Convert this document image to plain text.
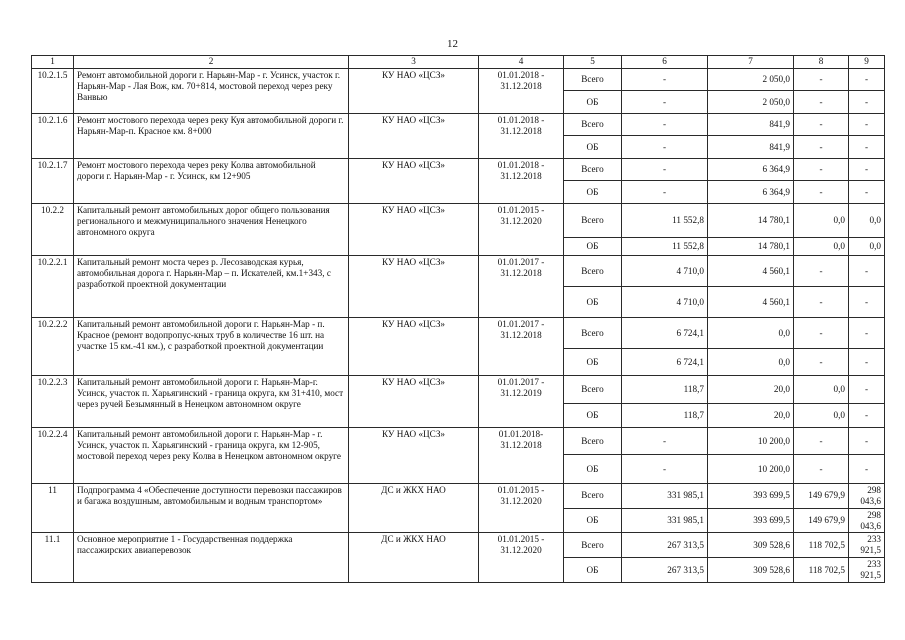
12
1	2	3	4	5	6	7	8	9
10.2.1.5	Ремонт автомобильной дороги г. Нарьян-Мар - г. Усинск, участок г. Нарьян-Мар - Лая Вож, км. 70+814, мостовой переход через реку Ванвью	КУ НАО «ЦСЗ»	01.01.2018 - 31.12.2018	Всего	-	2 050,0	-	-
				ОБ	-	2 050,0	-	-
10.2.1.6	Ремонт мостового перехода через реку Куя автомобильной дороги г. Нарьян-Мар-п. Красное км. 8+000	КУ НАО «ЦСЗ»	01.01.2018 - 31.12.2018	Всего	-	841,9	-	-
				ОБ	-	841,9	-	-
10.2.1.7	Ремонт мостового перехода через реку Колва автомобильной дороги г. Нарьян-Мар - г. Усинск, км 12+905	КУ НАО «ЦСЗ»	01.01.2018 - 31.12.2018	Всего	-	6 364,9	-	-
				ОБ	-	6 364,9	-	-
10.2.2	Капитальный ремонт автомобильных дорог общего пользования регионального и межмуниципального значения Ненецкого автономного округа	КУ НАО «ЦСЗ»	01.01.2015 - 31.12.2020	Всего	11 552,8	14 780,1	0,0	0,0
				ОБ	11 552,8	14 780,1	0,0	0,0
10.2.2.1	Капитальный ремонт моста через р. Лесозаводская курья, автомобильная дорога г. Нарьян-Мар – п. Искателей, км.1+343, с разработкой проектной документации	КУ НАО «ЦСЗ»	01.01.2017 - 31.12.2018	Всего	4 710,0	4 560,1	-	-
				ОБ	4 710,0	4 560,1	-	-
10.2.2.2	Капитальный ремонт автомобильной дороги г. Нарьян-Мар - п. Красное (ремонт водопропус-кных труб в количестве 16 шт. на участке 15 км.-41 км.), с разработкой проектной документации	КУ НАО «ЦСЗ»	01.01.2017 - 31.12.2018	Всего	6 724,1	0,0	-	-
				ОБ	6 724,1	0,0	-	-
10.2.2.3	Капитальный ремонт автомобильной дороги г. Нарьян-Мар-г. Усинск, участок п. Харьягинский - граница округа, км 31+410, мост через ручей Безымянный в Ненецком автономном округе	КУ НАО «ЦСЗ»	01.01.2017 - 31.12.2019	Всего	118,7	20,0	0,0	-
				ОБ	118,7	20,0	0,0	-
10.2.2.4	Капитальный ремонт автомобильной дороги г. Нарьян-Мар - г. Усинск, участок п. Харьягинский - граница округа, км 12-905, мостовой переход через реку Колва в Ненецком автономном округе	КУ НАО «ЦСЗ»	01.01.2018- 31.12.2018	Всего	-	10 200,0	-	-
				ОБ	-	10 200,0	-	-
11	Подпрограмма 4 «Обеспечение доступности перевозки пассажиров и багажа воздушным, автомобильным и водным транспортом»	ДС и ЖКХ НАО	01.01.2015 - 31.12.2020	Всего	331 985,1	393 699,5	149 679,9	298 043,6
				ОБ	331 985,1	393 699,5	149 679,9	298 043,6
11.1	Основное мероприятие 1 - Государственная поддержка пассажирских авиаперевозок	ДС и ЖКХ НАО	01.01.2015 - 31.12.2020	Всего	267 313,5	309 528,6	118 702,5	233 921,5
				ОБ	267 313,5	309 528,6	118 702,5	233 921,5
